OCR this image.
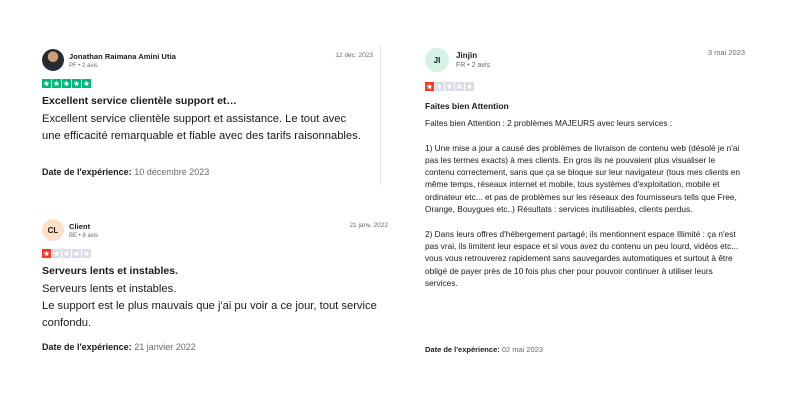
Jonathan Raimana Amini Utia
PF • 2 avis
12 déc. 2023
Excellent service clientèle support et…
Excellent service clientèle support et assistance. Le tout avec une efficacité remarquable et fiable avec des tarifs raisonnables.
Date de l'expérience: 10 décembre 2023
CL Client
BE • 8 avis
21 janv. 2022
Serveurs lents et instables.
Serveurs lents et instables.
Le support est le plus mauvais que j'ai pu voir a ce jour, tout service confondu.
Date de l'expérience: 21 janvier 2022
JI Jinjin
FR • 2 avis
3 mai 2023
Faites bien Attention
Faites bien Attention : 2 problèmes MAJEURS avec leurs services :

1) Une mise a jour a causé des problèmes de livraison de contenu web (désolé je n'ai pas les termes exacts) à mes clients. En gros ils ne pouvaient plus visualiser le contenu correctement, sans que ça se bloque sur leur navigateur (tous mes clients en même temps, réseaux internet et mobile, tous systèmes d'exploitation, mobile et ordinateur etc... et pas de problèmes sur les réseaux des fournisseurs tells que Free, Orange, Bouygues etc..) Résultats : services inutilisables, clients perdus.

2) Dans leurs offres d'hébergement partagé; ils mentionnent espace Illimité : ça n'est pas vrai, ils limitent leur espace et si vous avez du contenu un peu lourd, vidéos etc... vous vous retrouverez rapidement sans sauvegardes automatiques et surtout à être obligé de payer près de 10 fois plus cher pour pouvoir continuer à utiliser leurs services.
Date de l'expérience: 02 mai 2023
